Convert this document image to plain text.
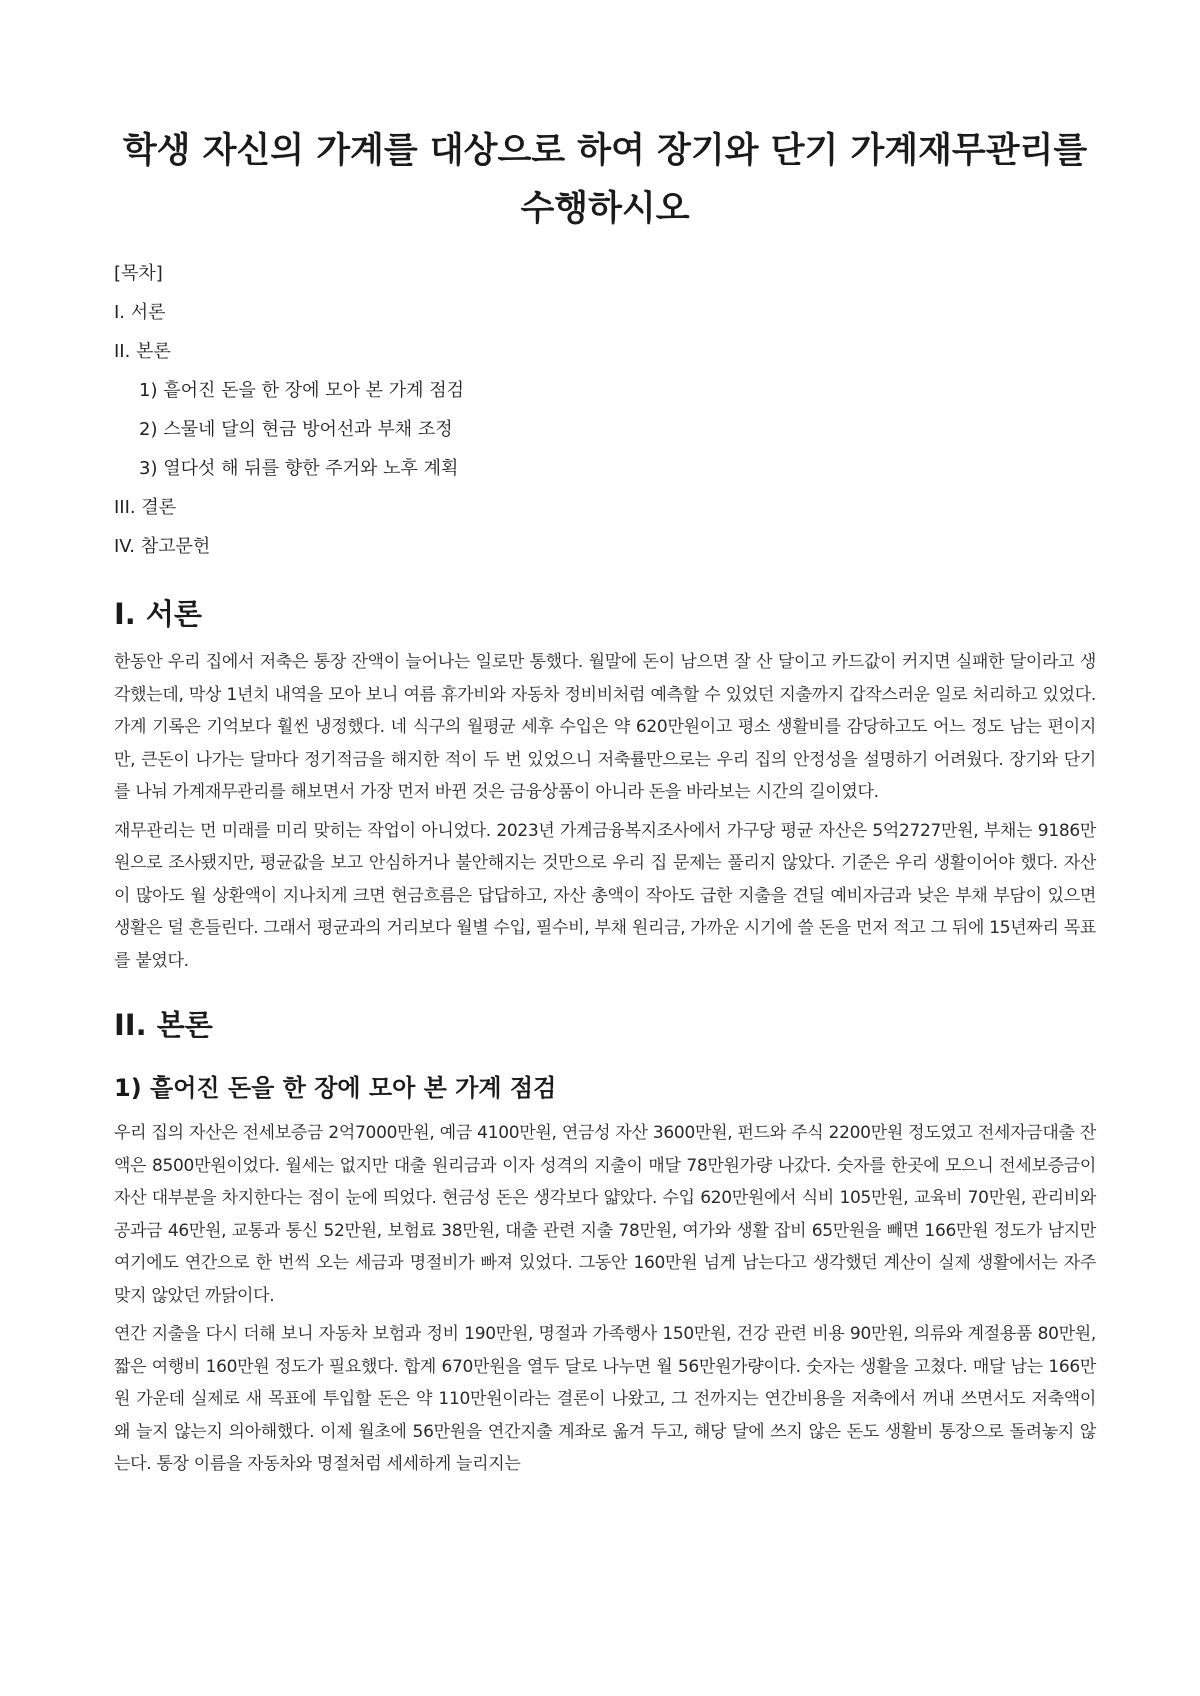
학생 자신의 가계를 대상으로 하여 장기와 단기 가계재무관리를 수행하시오
[목차]
I. 서론
II. 본론
1) 흩어진 돈을 한 장에 모아 본 가계 점검
2) 스물네 달의 현금 방어선과 부채 조정
3) 열다섯 해 뒤를 향한 주거와 노후 계획
III. 결론
IV. 참고문헌
I. 서론

한동안 우리 집에서 저축은 통장 잔액이 늘어나는 일로만 통했다. 월말에 돈이 남으면 잘 산 달이고 카드값이 커지면 실패한 달이라고 생각했는데, 막상 1년치 내역을 모아 보니 여름 휴가비와 자동차 정비비처럼 예측할 수 있었던 지출까지 갑작스러운 일로 처리하고 있었다. 가계 기록은 기억보다 훨씬 냉정했다. 네 식구의 월평균 세후 수입은 약 620만원이고 평소 생활비를 감당하고도 어느 정도 남는 편이지만, 큰돈이 나가는 달마다 정기적금을 해지한 적이 두 번 있었으니 저축률만으로는 우리 집의 안정성을 설명하기 어려웠다. 장기와 단기를 나눠 가계재무관리를 해보면서 가장 먼저 바뀐 것은 금융상품이 아니라 돈을 바라보는 시간의 길이였다.

재무관리는 먼 미래를 미리 맞히는 작업이 아니었다. 2023년 가계금융복지조사에서 가구당 평균 자산은 5억2727만원, 부채는 9186만원으로 조사됐지만, 평균값을 보고 안심하거나 불안해지는 것만으로 우리 집 문제는 풀리지 않았다. 기준은 우리 생활이어야 했다. 자산이 많아도 월 상환액이 지나치게 크면 현금흐름은 답답하고, 자산 총액이 작아도 급한 지출을 견딜 예비자금과 낮은 부채 부담이 있으면 생활은 덜 흔들린다. 그래서 평균과의 거리보다 월별 수입, 필수비, 부채 원리금, 가까운 시기에 쓸 돈을 먼저 적고 그 뒤에 15년짜리 목표를 붙였다.

II. 본론
1) 흩어진 돈을 한 장에 모아 본 가계 점검

우리 집의 자산은 전세보증금 2억7000만원, 예금 4100만원, 연금성 자산 3600만원, 펀드와 주식 2200만원 정도였고 전세자금대출 잔액은 8500만원이었다. 월세는 없지만 대출 원리금과 이자 성격의 지출이 매달 78만원가량 나갔다. 숫자를 한곳에 모으니 전세보증금이 자산 대부분을 차지한다는 점이 눈에 띄었다. 현금성 돈은 생각보다 얇았다. 수입 620만원에서 식비 105만원, 교육비 70만원, 관리비와 공과금 46만원, 교통과 통신 52만원, 보험료 38만원, 대출 관련 지출 78만원, 여가와 생활 잡비 65만원을 빼면 166만원 정도가 남지만 여기에도 연간으로 한 번씩 오는 세금과 명절비가 빠져 있었다. 그동안 160만원 넘게 남는다고 생각했던 계산이 실제 생활에서는 자주 맞지 않았던 까닭이다.

연간 지출을 다시 더해 보니 자동차 보험과 정비 190만원, 명절과 가족행사 150만원, 건강 관련 비용 90만원, 의류와 계절용품 80만원, 짧은 여행비 160만원 정도가 필요했다. 합계 670만원을 열두 달로 나누면 월 56만원가량이다. 숫자는 생활을 고쳤다. 매달 남는 166만원 가운데 실제로 새 목표에 투입할 돈은 약 110만원이라는 결론이 나왔고, 그 전까지는 연간비용을 저축에서 꺼내 쓰면서도 저축액이 왜 늘지 않는지 의아해했다. 이제 월초에 56만원을 연간지출 계좌로 옮겨 두고, 해당 달에 쓰지 않은 돈도 생활비 통장으로 돌려놓지 않는다. 통장 이름을 자동차와 명절처럼 세세하게 늘리지는
